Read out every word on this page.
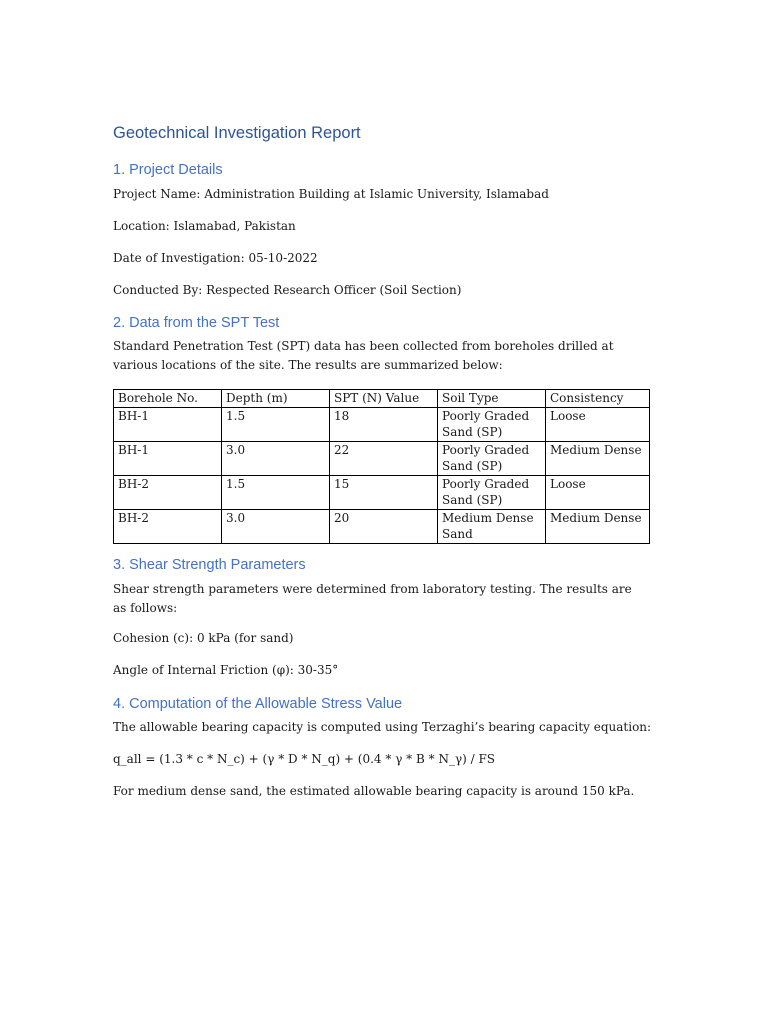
Geotechnical Investigation Report
1. Project Details

Project Name: Administration Building at Islamic University, Islamabad

Location: Islamabad, Pakistan

Date of Investigation: 05-10-2022

Conducted By: Respected Research Officer (Soil Section)

2. Data from the SPT Test

Standard Penetration Test (SPT) data has been collected from boreholes drilled at various locations of the site. The results are summarized below:

Borehole No.	Depth (m)	SPT (N) Value	Soil Type	Consistency
BH-1	1.5	18	Poorly Graded Sand (SP)	Loose
BH-1	3.0	22	Poorly Graded Sand (SP)	Medium Dense
BH-2	1.5	15	Poorly Graded Sand (SP)	Loose
BH-2	3.0	20	Medium Dense Sand	Medium Dense
3. Shear Strength Parameters

Shear strength parameters were determined from laboratory testing. The results are as follows:

Cohesion (c): 0 kPa (for sand)

Angle of Internal Friction (φ): 30-35°

4. Computation of the Allowable Stress Value

The allowable bearing capacity is computed using Terzaghi’s bearing capacity equation:

q_all = (1.3 * c * N_c) + (γ * D * N_q) + (0.4 * γ * B * N_γ) / FS

For medium dense sand, the estimated allowable bearing capacity is around 150 kPa.
